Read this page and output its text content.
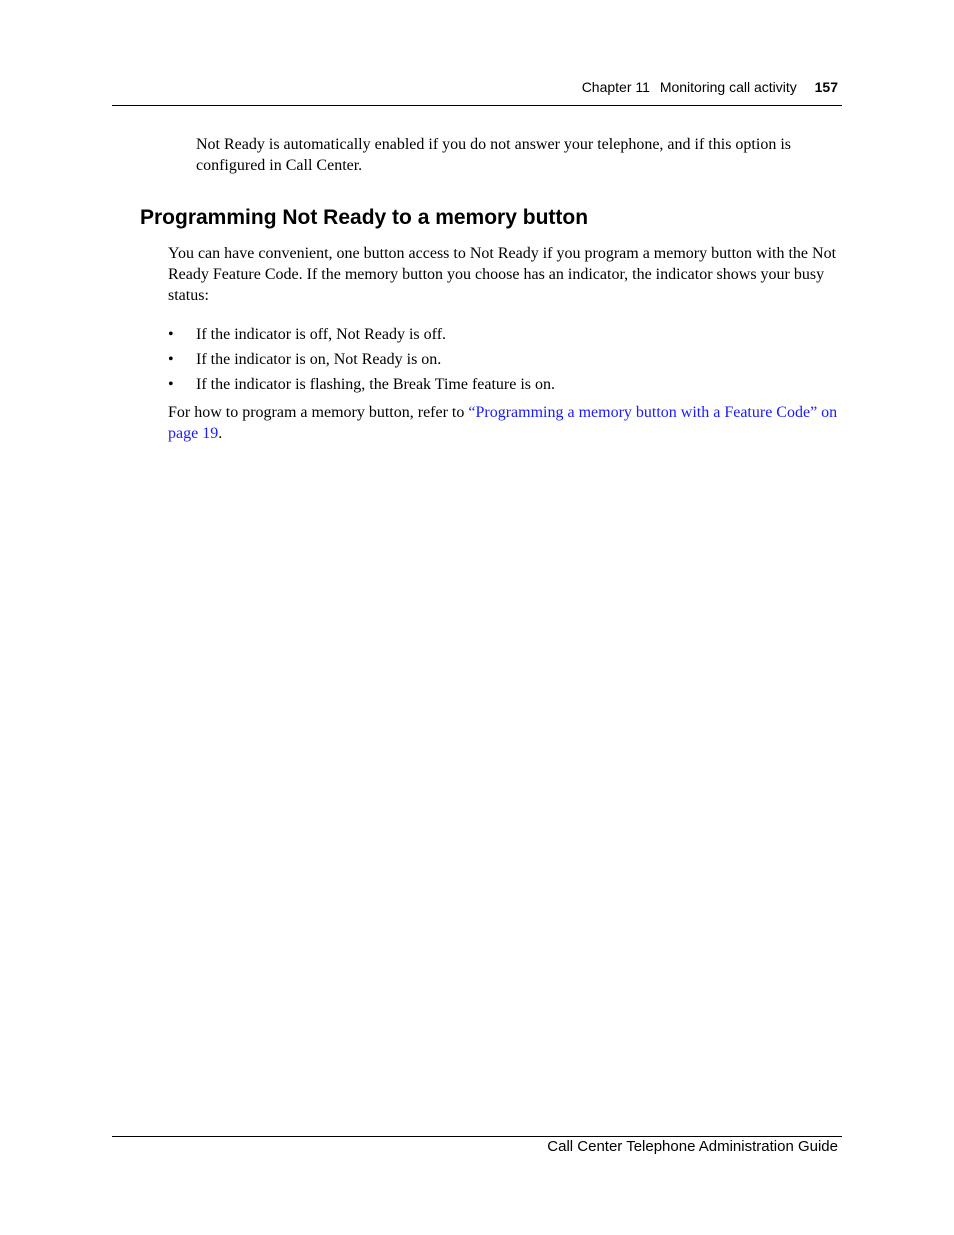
Chapter 11 Monitoring call activity 157

Not Ready is automatically enabled if you do not answer your telephone, and if this option is configured in Call Center.

Programming Not Ready to a memory button

You can have convenient, one button access to Not Ready if you program a memory button with the Not Ready Feature Code. If the memory button you choose has an indicator, the indicator shows your busy status:

• If the indicator is off, Not Ready is off.
• If the indicator is on, Not Ready is on.
• If the indicator is flashing, the Break Time feature is on.

For how to program a memory button, refer to “Programming a memory button with a Feature Code” on page 19.

Call Center Telephone Administration Guide
